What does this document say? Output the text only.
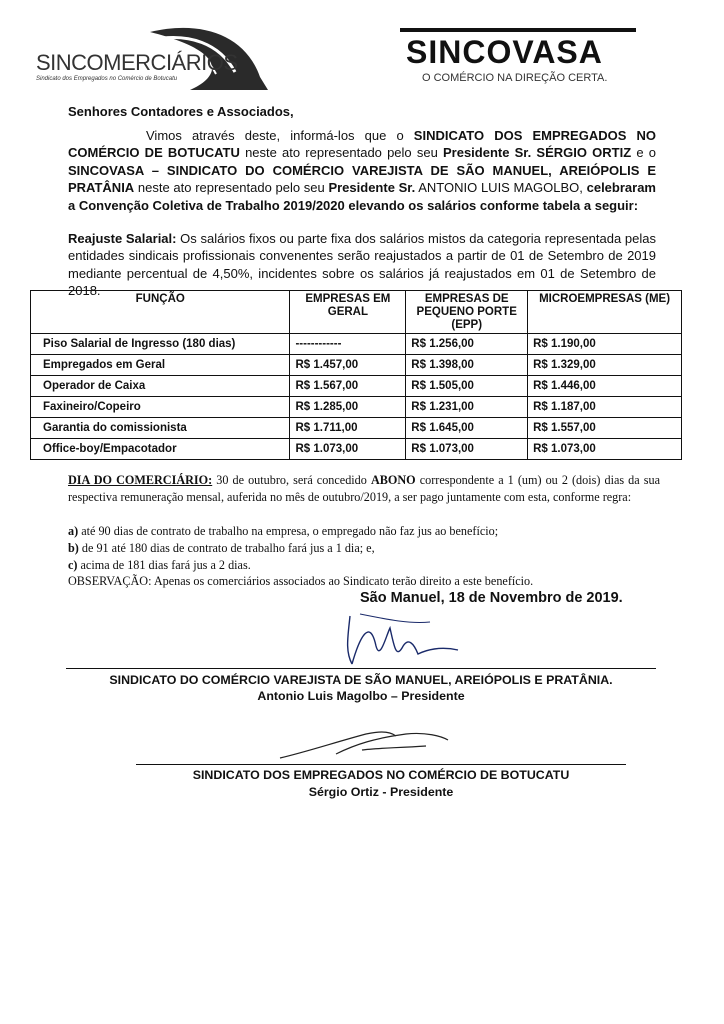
SINCOMERCIÁRIOS
Sindicato dos Empregados no Comércio de Botucatu
SINCOVASA
O COMÉRCIO NA DIREÇÃO CERTA.
Senhores Contadores e Associados,
Vimos através deste, informá-los que o SINDICATO DOS EMPREGADOS NO COMÉRCIO DE BOTUCATU neste ato representado pelo seu Presidente Sr. SÉRGIO ORTIZ e o SINCOVASA – SINDICATO DO COMÉRCIO VAREJISTA DE SÃO MANUEL, AREIÓPOLIS E PRATÂNIA neste ato representado pelo seu Presidente Sr. ANTONIO LUIS MAGOLBO, celebraram a Convenção Coletiva de Trabalho 2019/2020 elevando os salários conforme tabela a seguir:
Reajuste Salarial: Os salários fixos ou parte fixa dos salários mistos da categoria representada pelas entidades sindicais profissionais convenentes serão reajustados a partir de 01 de Setembro de 2019 mediante percentual de 4,50%, incidentes sobre os salários já reajustados em 01 de Setembro de 2018.
FUNÇÃO	EMPRESAS EM GERAL	EMPRESAS DE PEQUENO PORTE (EPP)	MICROEMPRESAS (ME)
Piso Salarial de Ingresso (180 dias)	------------	R$ 1.256,00	R$ 1.190,00
Empregados em Geral	R$ 1.457,00	R$ 1.398,00	R$ 1.329,00
Operador de Caixa	R$ 1.567,00	R$ 1.505,00	R$ 1.446,00
Faxineiro/Copeiro	R$ 1.285,00	R$ 1.231,00	R$ 1.187,00
Garantia do comissionista	R$ 1.711,00	R$ 1.645,00	R$ 1.557,00
Office-boy/Empacotador	R$ 1.073,00	R$ 1.073,00	R$ 1.073,00
DIA DO COMERCIÁRIO: 30 de outubro, será concedido ABONO correspondente a 1 (um) ou 2 (dois) dias da sua respectiva remuneração mensal, auferida no mês de outubro/2019, a ser pago juntamente com esta, conforme regra:
a) até 90 dias de contrato de trabalho na empresa, o empregado não faz jus ao benefício;
b) de 91 até 180 dias de contrato de trabalho fará jus a 1 dia; e,
c) acima de 181 dias fará jus a 2 dias.
OBSERVAÇÃO: Apenas os comerciários associados ao Sindicato terão direito a este benefício.
São Manuel, 18 de Novembro de 2019.
SINDICATO DO COMÉRCIO VAREJISTA DE SÃO MANUEL, AREIÓPOLIS E PRATÂNIA.
Antonio Luis Magolbo – Presidente
SINDICATO DOS EMPREGADOS NO COMÉRCIO DE BOTUCATU
Sérgio Ortiz - Presidente
